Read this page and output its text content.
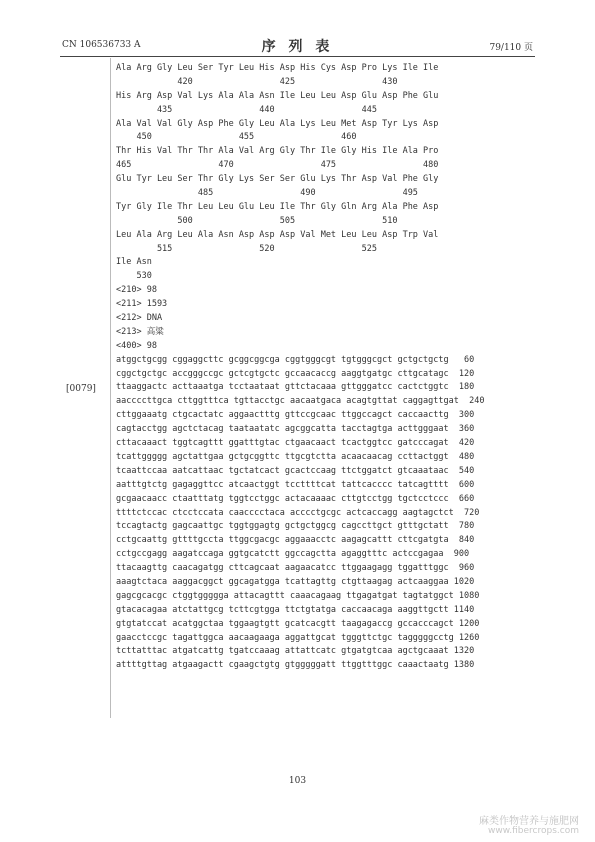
CN 106536733 A	序 列 表	79/110 页
[0079]
Ala Arg Gly Leu Ser Tyr Leu His Asp His Cys Asp Pro Lys Ile Ile
420                 425                 430
His Arg Asp Val Lys Ala Ala Asn Ile Leu Leu Asp Glu Asp Phe Glu
435                 440                 445
Ala Val Val Gly Asp Phe Gly Leu Ala Lys Leu Met Asp Tyr Lys Asp
450                 455                 460
Thr His Val Thr Thr Ala Val Arg Gly Thr Ile Gly His Ile Ala Pro
465                 470                 475                 480
Glu Tyr Leu Ser Thr Gly Lys Ser Ser Glu Lys Thr Asp Val Phe Gly
485                 490                 495
Tyr Gly Ile Thr Leu Leu Glu Leu Ile Thr Gly Gln Arg Ala Phe Asp
500                 505                 510
Leu Ala Arg Leu Ala Asn Asp Asp Asp Val Met Leu Leu Asp Trp Val
515                 520                 525
Ile Asn
530
<210> 98
<211> 1593
<212> DNA
<213> 高粱
<400> 98
atggctgcgg cggaggcttc gcggcggcga cggtgggcgt tgtgggcgct gctgctgctg   60
cggctgctgc accgggccgc gctcgtgctc gccaacaccg aaggtgatgc cttgcatagc  120
ttaaggactc acttaaatga tcctaataat gttctacaaa gttgggatcc cactctggtc  180
aaccccttgca cttggtttca tgttacctgc aacaatgaca acagtgttat caggagttgat  240
cttggaaatg ctgcactatc aggaactttg gttccgcaac ttggccagct caccaacttg  300
cagtacctgg agctctacag taataatatc agcggcatta tacctagtga acttgggaat  360
cttacaaact tggtcagttt ggatttgtac ctgaacaact tcactggtcc gatcccagat  420
tcattggggg agctattgaa gctgcggttc ttgcgtctta acaacaacag ccttactggt  480
tcaattccaa aatcattaac tgctatcact gcactccaag ttctggatct gtcaaataac  540
aatttgtctg gagaggttcc atcaactggt tccttttcat tattcacccc tatcagtttt  600
gcgaacaacc ctaatttatg tggtcctggc actacaaaac cttgtcctgg tgctcctccc  660
ttttctccac ctcctccata caacccctaca acccctgcgc actcaccagg aagtagctct  720
tccagtactg gagcaattgc tggtggagtg gctgctggcg cagccttgct gtttgctatt  780
cctgcaattg gttttgccta ttggcgacgc aggaaacctc aagagcattt cttcgatgta  840
cctgccgagg aagatccaga ggtgcatctt ggccagctta agaggtttc actccgagaa  900
ttacaagttg caacagatgg cttcagcaat aagaacatcc ttggaagagg tggatttggc  960
aaagtctaca aaggacggct ggcagatgga tcattagttg ctgttaagag actcaaggaa 1020
gagcgcacgc ctggtggggga attacagttt caaacagaag ttgagatgat tagtatggct 1080
gtacacagaa atctattgcg tcttcgtgga ttctgtatga caccaacaga aaggttgctt 1140
gtgtatccat acatggctaa tggaagtgtt gcatcacgtt taagagaccg gccacccagct 1200
gaacctccgc tagattggca aacaagaaga aggattgcat tgggttctgc tagggggcctg 1260
tcttatttac atgatcattg tgatccaaag attattcatc gtgatgtcaa agctgcaaat 1320
attttgttag atgaagactt cgaagctgtg gtgggggatt ttggtttggc caaactaatg 1380
103
麻类作物营养与施肥网
www.fibercrops.com
